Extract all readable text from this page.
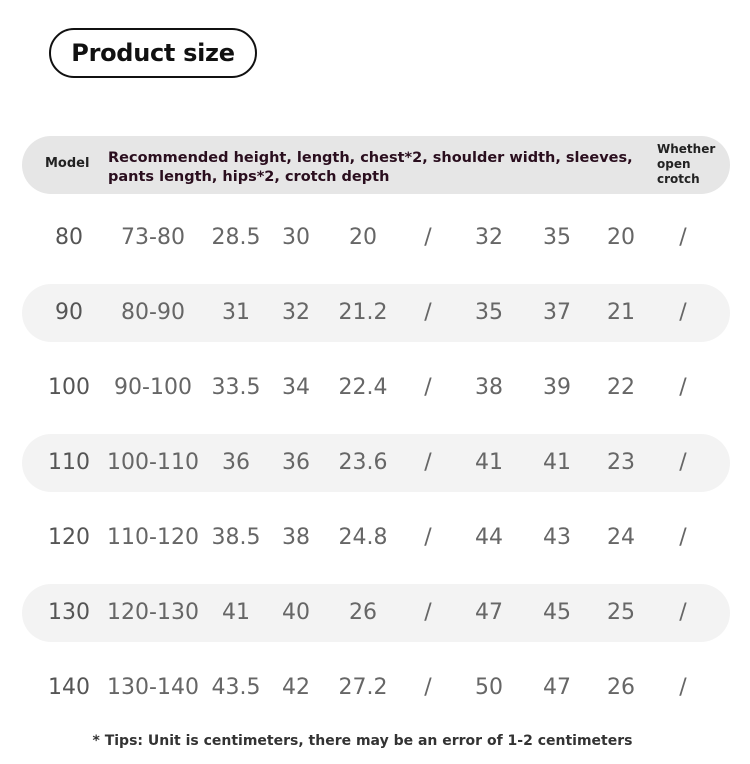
Product size
Model Recommended height, length, chest*2, shoulder width, sleeves,
pants length, hips*2, crotch depth
Whether
open
crotch
80 73-80 28.5 30 20 / 32 35 20 /
90 80-90 31 32 21.2 / 35 37 21 /
100 90-100 33.5 34 22.4 / 38 39 22 /
110 100-110 36 36 23.6 / 41 41 23 /
120 110-120 38.5 38 24.8 / 44 43 24 /
130 120-130 41 40 26 / 47 45 25 /
140 130-140 43.5 42 27.2 / 50 47 26 /
* Tips: Unit is centimeters, there may be an error of 1-2 centimeters
